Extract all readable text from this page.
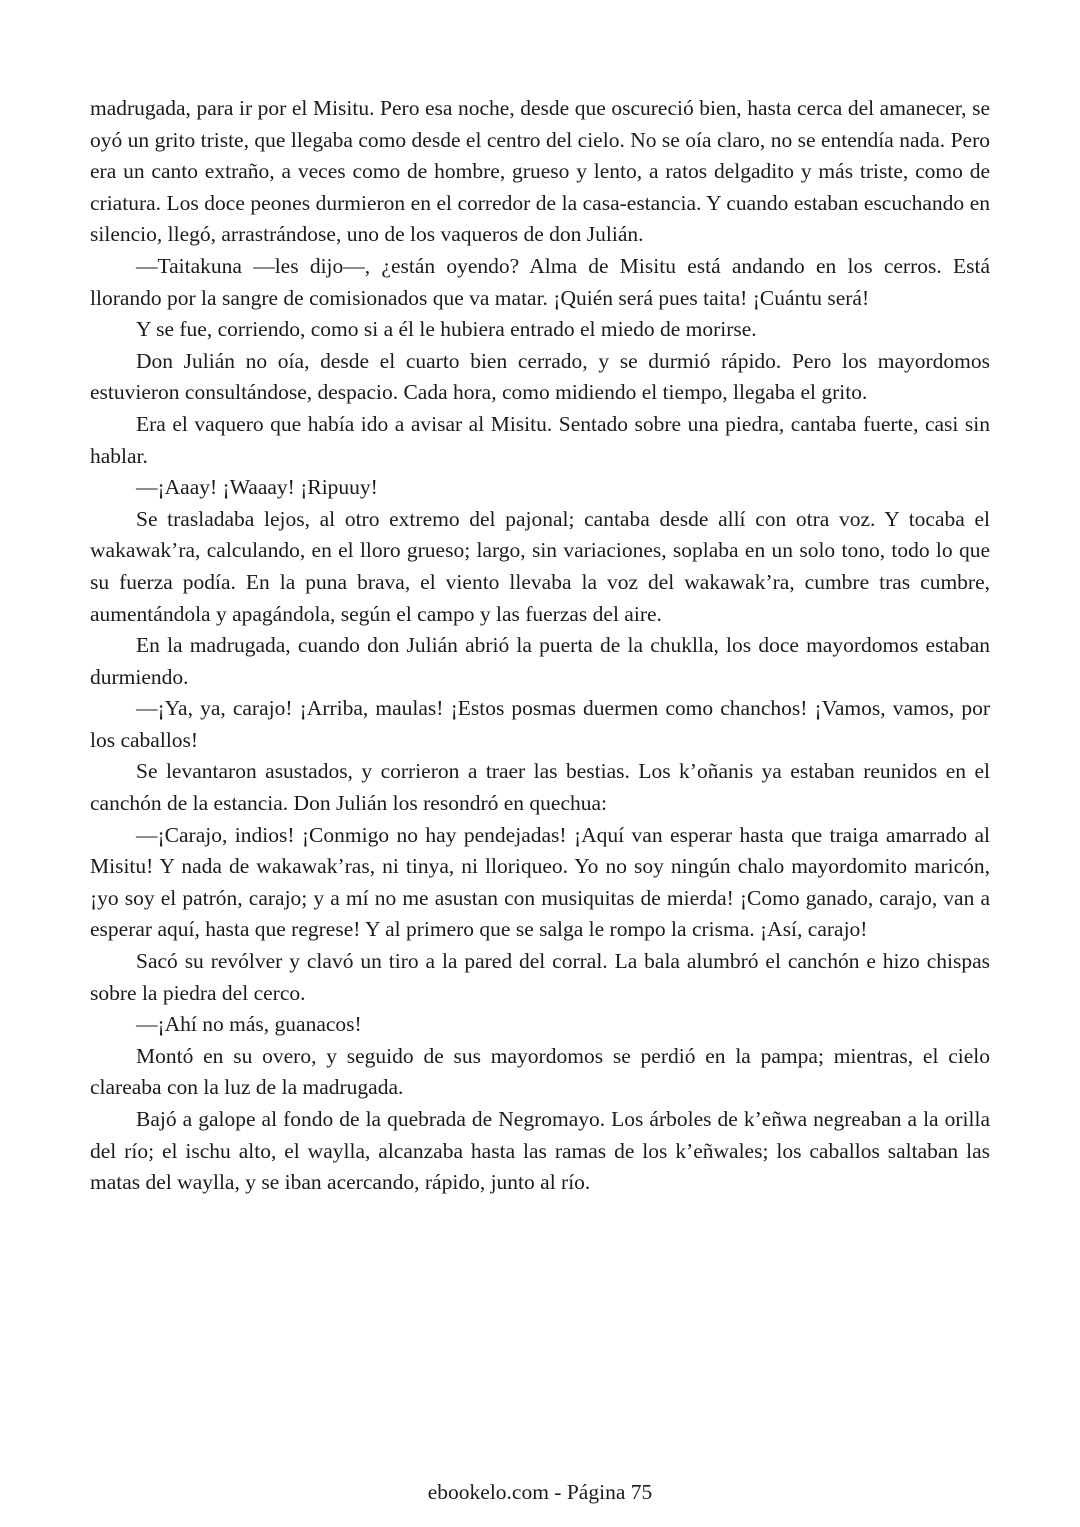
madrugada, para ir por el Misitu. Pero esa noche, desde que oscureció bien, hasta cerca del amanecer, se oyó un grito triste, que llegaba como desde el centro del cielo. No se oía claro, no se entendía nada. Pero era un canto extraño, a veces como de hombre, grueso y lento, a ratos delgadito y más triste, como de criatura. Los doce peones durmieron en el corredor de la casa-estancia. Y cuando estaban escuchando en silencio, llegó, arrastrándose, uno de los vaqueros de don Julián.

—Taitakuna —les dijo—, ¿están oyendo? Alma de Misitu está andando en los cerros. Está llorando por la sangre de comisionados que va matar. ¡Quién será pues taita! ¡Cuántu será!

Y se fue, corriendo, como si a él le hubiera entrado el miedo de morirse.

Don Julián no oía, desde el cuarto bien cerrado, y se durmió rápido. Pero los mayordomos estuvieron consultándose, despacio. Cada hora, como midiendo el tiempo, llegaba el grito.

Era el vaquero que había ido a avisar al Misitu. Sentado sobre una piedra, cantaba fuerte, casi sin hablar.

—¡Aaay! ¡Waaay! ¡Ripuuy!

Se trasladaba lejos, al otro extremo del pajonal; cantaba desde allí con otra voz. Y tocaba el wakawak’ra, calculando, en el lloro grueso; largo, sin variaciones, soplaba en un solo tono, todo lo que su fuerza podía. En la puna brava, el viento llevaba la voz del wakawak’ra, cumbre tras cumbre, aumentándola y apagándola, según el campo y las fuerzas del aire.

En la madrugada, cuando don Julián abrió la puerta de la chuklla, los doce mayordomos estaban durmiendo.

—¡Ya, ya, carajo! ¡Arriba, maulas! ¡Estos posmas duermen como chanchos! ¡Vamos, vamos, por los caballos!

Se levantaron asustados, y corrieron a traer las bestias. Los k’oñanis ya estaban reunidos en el canchón de la estancia. Don Julián los resondró en quechua:

—¡Carajo, indios! ¡Conmigo no hay pendejadas! ¡Aquí van esperar hasta que traiga amarrado al Misitu! Y nada de wakawak’ras, ni tinya, ni lloriqueo. Yo no soy ningún chalo mayordomito maricón, ¡yo soy el patrón, carajo; y a mí no me asustan con musiquitas de mierda! ¡Como ganado, carajo, van a esperar aquí, hasta que regrese! Y al primero que se salga le rompo la crisma. ¡Así, carajo!

Sacó su revólver y clavó un tiro a la pared del corral. La bala alumbró el canchón e hizo chispas sobre la piedra del cerco.

—¡Ahí no más, guanacos!

Montó en su overo, y seguido de sus mayordomos se perdió en la pampa; mientras, el cielo clareaba con la luz de la madrugada.

Bajó a galope al fondo de la quebrada de Negromayo. Los árboles de k’eñwa negreaban a la orilla del río; el ischu alto, el waylla, alcanzaba hasta las ramas de los k’eñwales; los caballos saltaban las matas del waylla, y se iban acercando, rápido, junto al río.

ebookelo.com - Página 75
